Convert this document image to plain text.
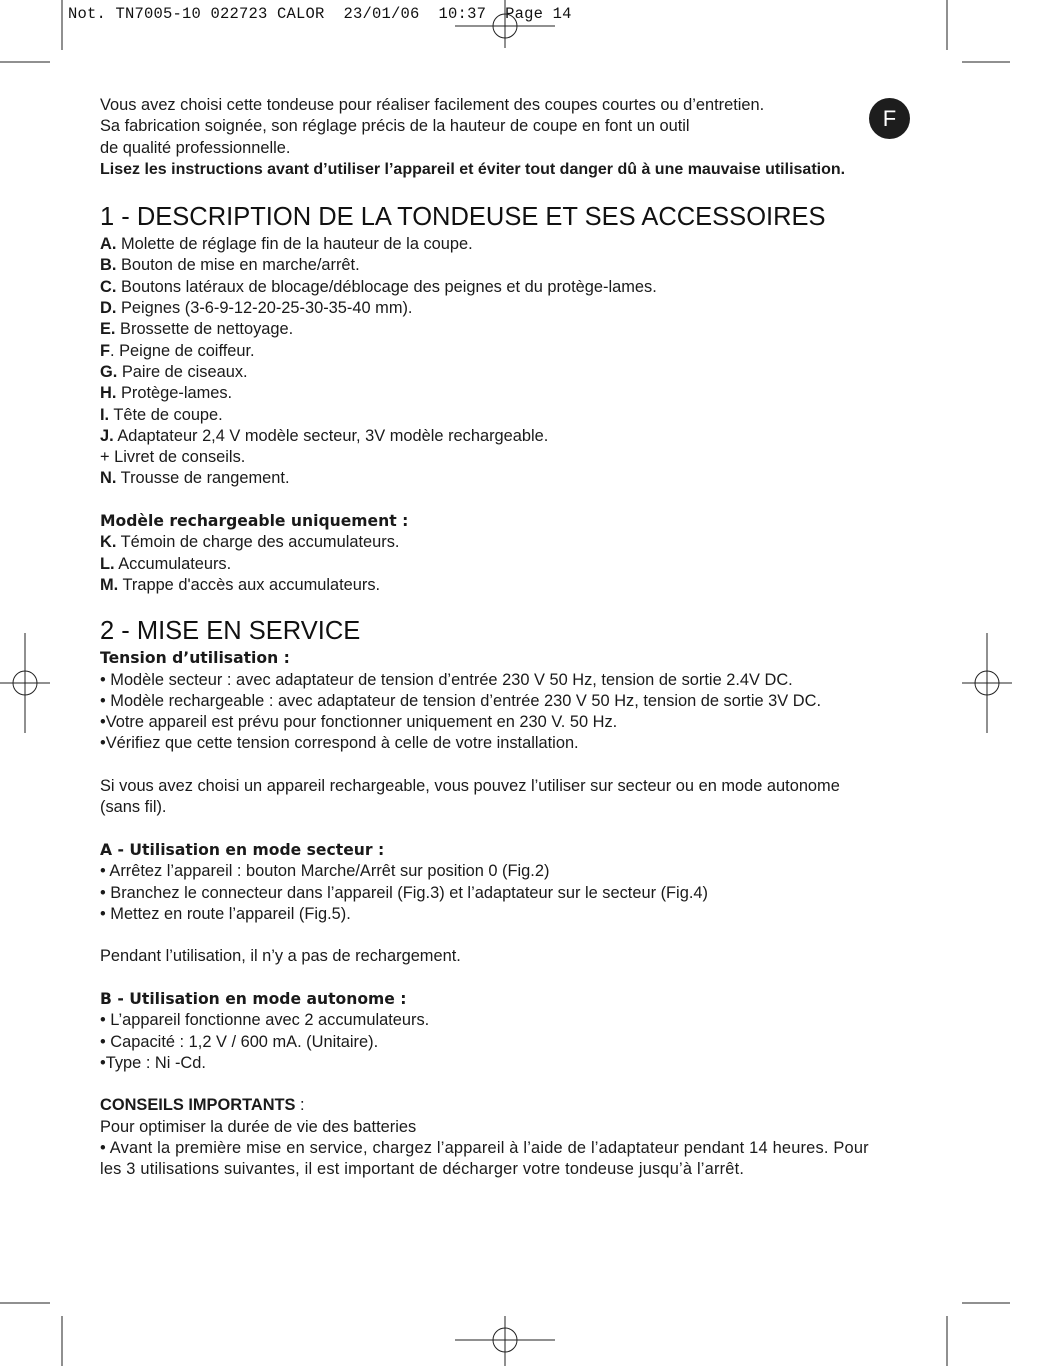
Not. TN7005-10 022723 CALOR  23/01/06  10:37  Page 14
F

Vous avez choisi cette tondeuse pour réaliser facilement des coupes courtes ou d’entretien.

Sa fabrication soignée, son réglage précis de la hauteur de coupe en font un outil

de qualité professionnelle.

Lisez les instructions avant d’utiliser l’appareil et éviter tout danger dû à une mauvaise utilisation.

1 - DESCRIPTION DE LA TONDEUSE ET SES ACCESSOIRES
A. Molette de réglage fin de la hauteur de la coupe.
B. Bouton de mise en marche/arrêt.
C. Boutons latéraux de blocage/déblocage des peignes et du protège-lames.
D. Peignes (3-6-9-12-20-25-30-35-40 mm).
E. Brossette de nettoyage.
F. Peigne de coiffeur.
G. Paire de ciseaux.
H. Protège-lames.
I. Tête de coupe.
J. Adaptateur 2,4 V modèle secteur, 3V modèle rechargeable.
+ Livret de conseils.
N. Trousse de rangement.

Modèle rechargeable uniquement :

K. Témoin de charge des accumulateurs.
L. Accumulateurs.
M. Trappe d'accès aux accumulateurs.
2 - MISE EN SERVICE

Tension d’utilisation :

• Modèle secteur : avec adaptateur de tension d’entrée 230 V 50 Hz, tension de sortie 2.4V DC.

• Modèle rechargeable : avec adaptateur de tension d’entrée 230 V 50 Hz, tension de sortie 3V DC.

•Votre appareil est prévu pour fonctionner uniquement en 230 V. 50 Hz.

•Vérifiez que cette tension correspond à celle de votre installation.

Si vous avez choisi un appareil rechargeable, vous pouvez l’utiliser sur secteur ou en mode autonome (sans fil).

A - Utilisation en mode secteur :

• Arrêtez l’appareil : bouton Marche/Arrêt sur position 0 (Fig.2)

• Branchez le connecteur dans l’appareil (Fig.3) et l’adaptateur sur le secteur (Fig.4)

• Mettez en route l’appareil (Fig.5).

Pendant l’utilisation, il n’y a pas de rechargement.

B - Utilisation en mode autonome :

• L’appareil fonctionne avec 2 accumulateurs.

• Capacité : 1,2 V / 600 mA. (Unitaire).

•Type : Ni -Cd.

CONSEILS IMPORTANTS :

Pour optimiser la durée de vie des batteries

• Avant la première mise en service, chargez l’appareil à l’aide de l’adaptateur pendant 14 heures. Pour les 3 utilisations suivantes, il est important de décharger votre tondeuse jusqu’à l’arrêt.
